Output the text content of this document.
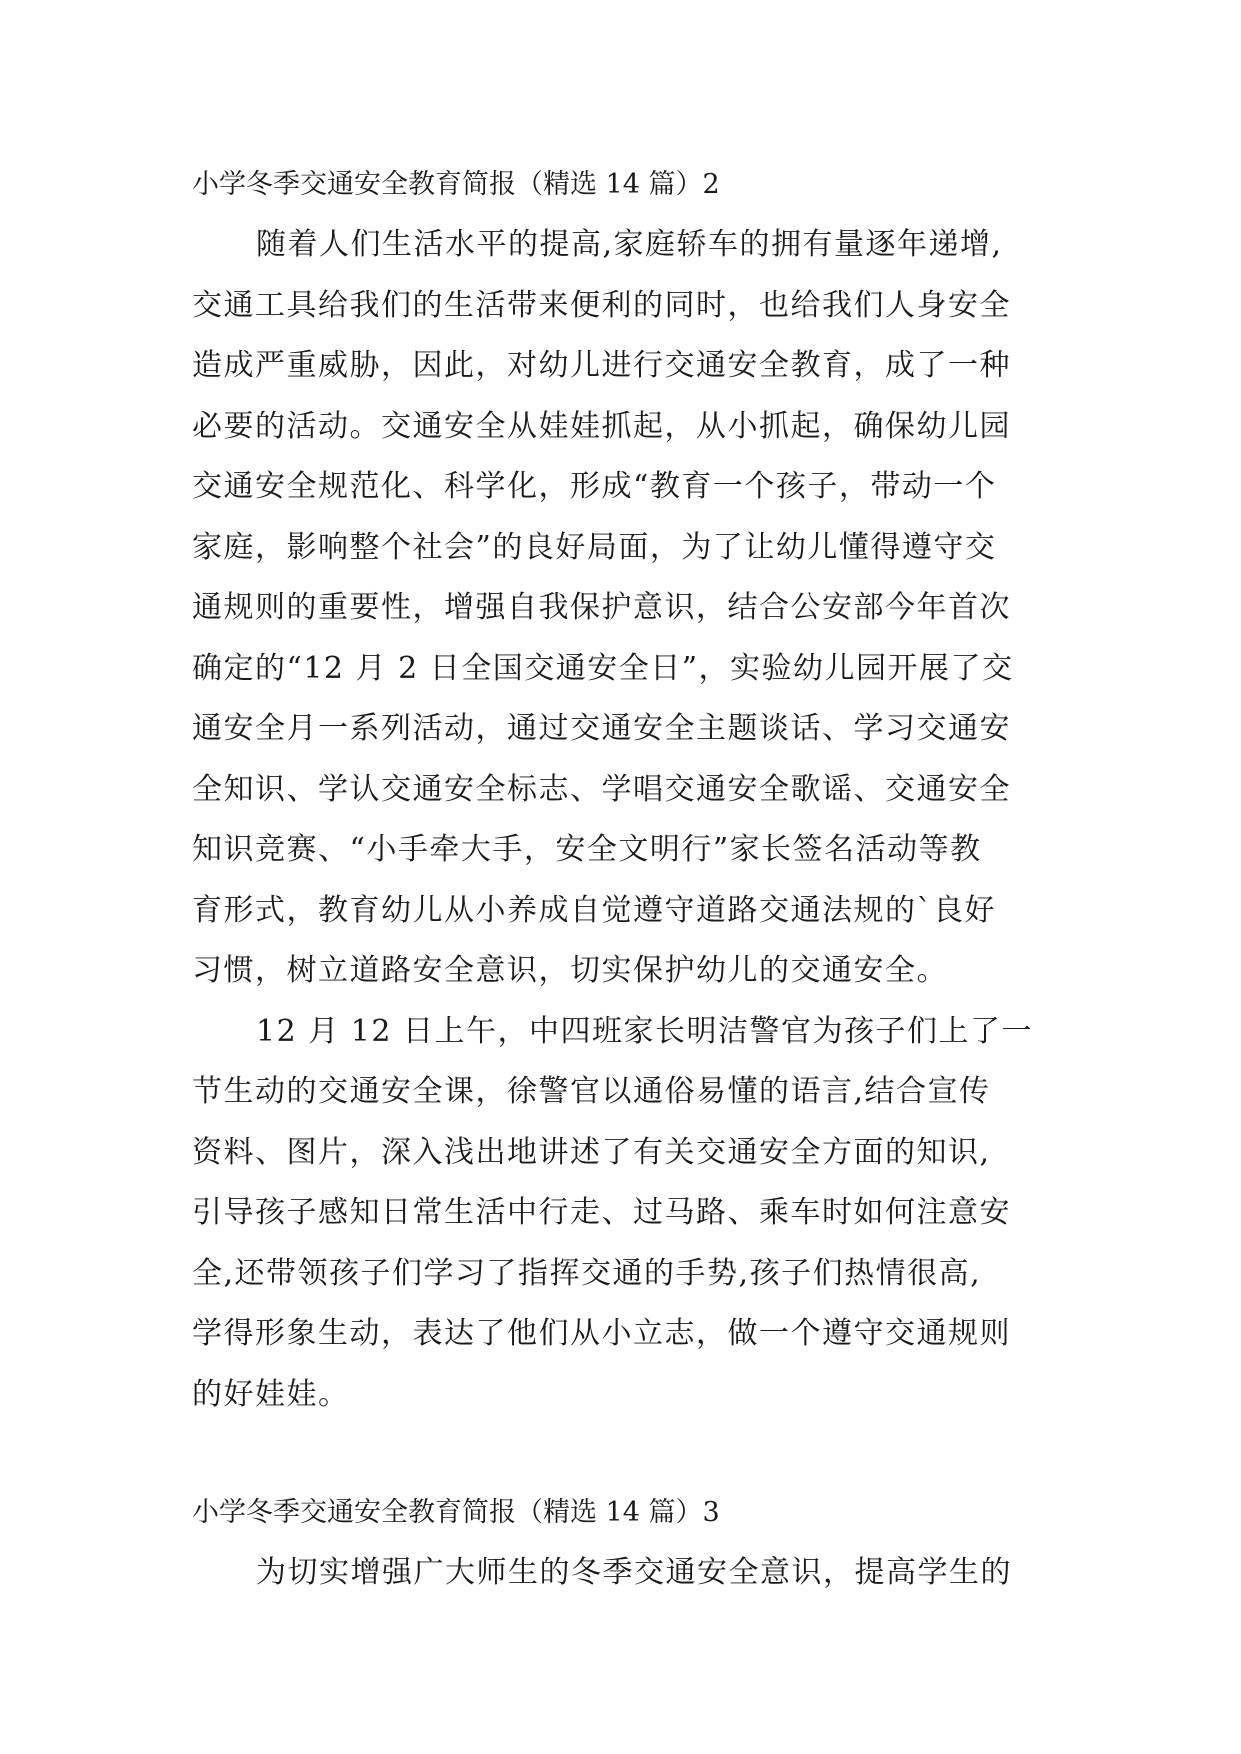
小学冬季交通安全教育简报（精选 14 篇）2
随着人们生活水平的提高,家庭轿车的拥有量逐年递增,
交通工具给我们的生活带来便利的同时，也给我们人身安全
造成严重威胁，因此，对幼儿进行交通安全教育，成了一种
必要的活动。交通安全从娃娃抓起，从小抓起，确保幼儿园
交通安全规范化、科学化，形成“教育一个孩子，带动一个
家庭，影响整个社会”的良好局面，为了让幼儿懂得遵守交
通规则的重要性，增强自我保护意识，结合公安部今年首次
确定的“12 月 2 日全国交通安全日”，实验幼儿园开展了交
通安全月一系列活动，通过交通安全主题谈话、学习交通安
全知识、学认交通安全标志、学唱交通安全歌谣、交通安全
知识竞赛、“小手牵大手，安全文明行”家长签名活动等教
育形式，教育幼儿从小养成自觉遵守道路交通法规的`良好
习惯，树立道路安全意识，切实保护幼儿的交通安全。
12 月 12 日上午，中四班家长明洁警官为孩子们上了一
节生动的交通安全课，徐警官以通俗易懂的语言,结合宣传
资料、图片，深入浅出地讲述了有关交通安全方面的知识,
引导孩子感知日常生活中行走、过马路、乘车时如何注意安
全,还带领孩子们学习了指挥交通的手势,孩子们热情很高,
学得形象生动，表达了他们从小立志，做一个遵守交通规则
的好娃娃。
小学冬季交通安全教育简报（精选 14 篇）3
为切实增强广大师生的冬季交通安全意识，提高学生的
